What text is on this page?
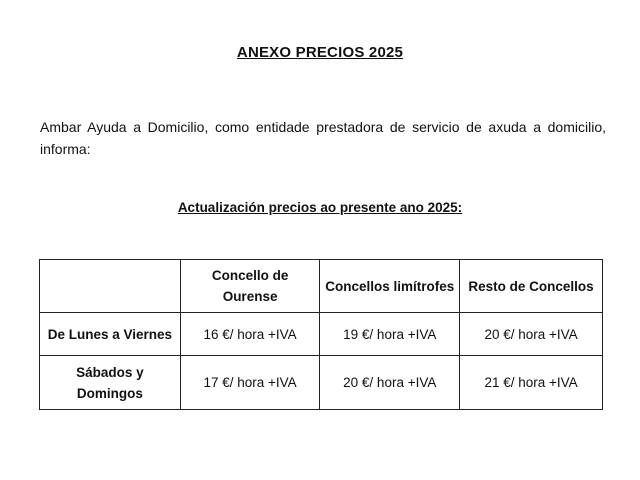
ANEXO PRECIOS 2025
Ambar Ayuda a Domicilio, como entidade prestadora de servicio de axuda a domicilio, informa:
Actualización precios ao presente ano 2025:
	Concello de Ourense	Concellos limítrofes	Resto de Concellos
De Lunes a Viernes	16 €/ hora +IVA	19 €/ hora +IVA	20 €/ hora +IVA
Sábados y Domingos	17 €/ hora +IVA	20 €/ hora +IVA	21 €/ hora +IVA
